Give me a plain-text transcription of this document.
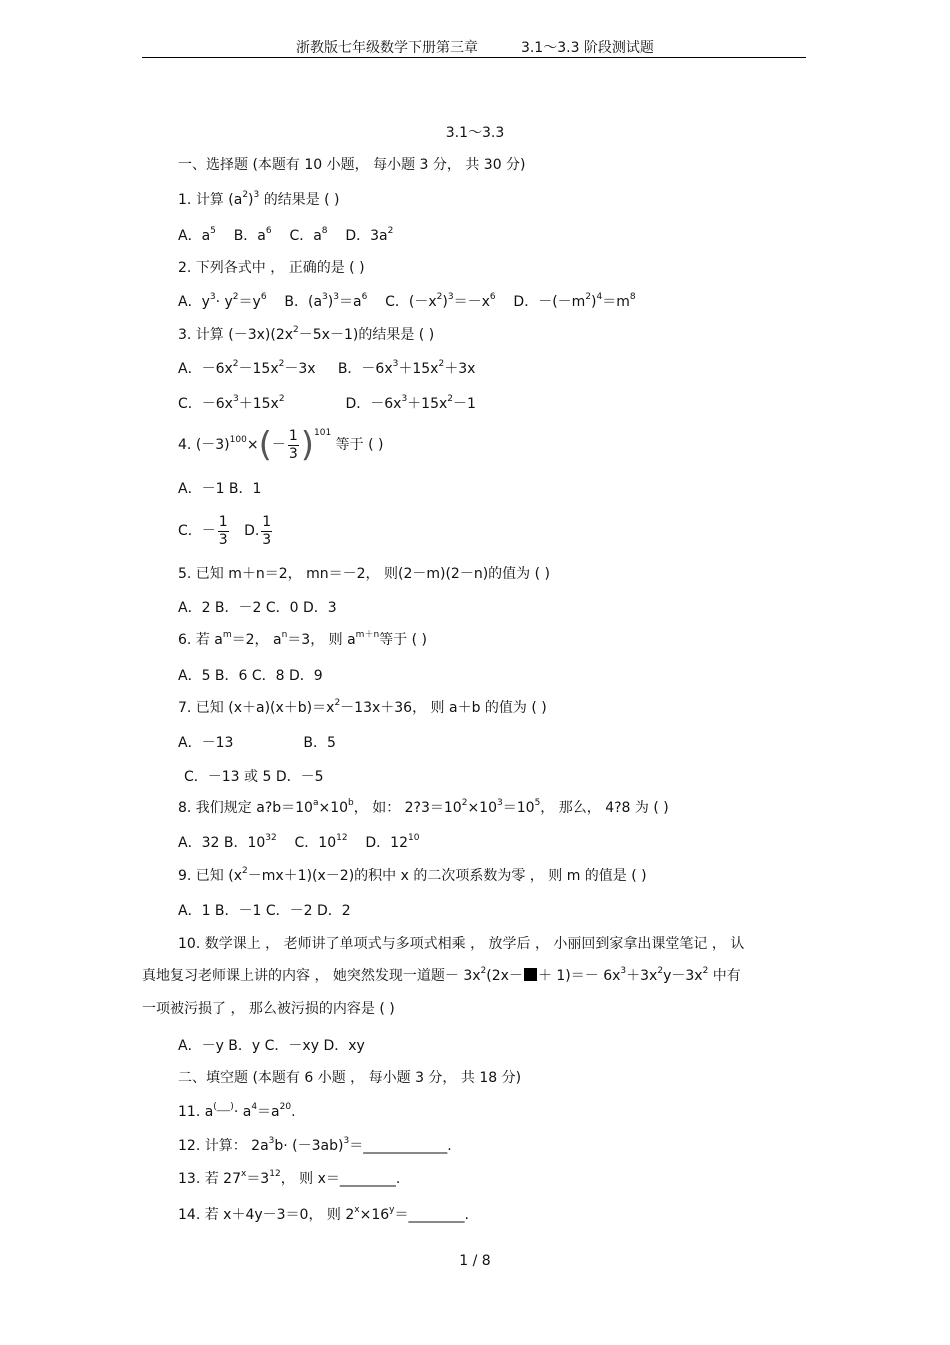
浙教版七年级数学下册第三章	3.1～3.3 阶段测试题
3.1～3.3
一、选择题 (本题有 10 小题， 每小题 3 分， 共 30 分)
1. 计算 $(a^2)^3$ 的结果是 ( )
A．$a^5$ B．$a^6$ C．$a^8$ D．$3a^2$
2. 下列各式中 ， 正确的是 ( )
A．$y^3\cdot y^2=y^6$ B．$(a^3)^3=a^6$ C．$(-x^2)^3=-x^6$ D．$-(-m^2)^4=m^8$
3. 计算 $(-3x)(2x^2-5x-1)$的结果是 ( )
A．$-6x^2-15x^2-3x$ B．$-6x^3+15x^2+3x$
C．$-6x^3+15x^2$	D．$-6x^3+15x^2-1$
4. $(-3)^{100}\times(- \frac{1}{3} )^{101}$ 等于 ( )
A．－1 B．1
C．－ $\frac{1}{3} D$. $\frac{1}{3}$
5. 已知 m＋n＝2， mn＝－2， 则(2－m)(2－n)的值为 ( )
A．2 B．－2 C．0 D．3
6. 若 $a^m=2$， $a^n=3$， 则 $a^{m+n}$等于 ( )
A．5 B．6 C．8 D．9
7. 已知 $(x+a)(x+b)=x^2-13x+36$， 则 a＋b 的值为 ( )
A．－13	B．5
C．－13 或 5 D．－5
8. 我们规定 $a?b=10^a\times 10^b$， 如： $2?3=10^2\times 10^3=10^5$， 那么， 4?8 为 ( )
A．32 B．$10^{32}$ C．$10^{12}$ D．$12^{10}$
9. 已知 $(x^2-mx+1)(x-2)$的积中 x 的二次项系数为零 ， 则 m 的值是 ( )
A．1 B．－1 C．－2 D．2
10. 数学课上 ， 老师讲了单项式与多项式相乘 ， 放学后 ， 小丽回到家拿出课堂笔记 ， 认
真地复习老师课上讲的内容 ， 她突然发现一道题－ $3x^2(2x- + 1)=- 6x^3+3x^2y-3x^2$ 中有
一项被污损了 ， 那么被污损的内容是 ( )
A．－y B．y C．－xy D．xy
二、填空题 (本题有 6 小题 ， 每小题 3 分， 共 18 分)
11. $a^{(\_\_\_)}\cdot a^4=a^{20}$.
12. 计算： $2a^3b\cdot$ $(-3ab)^3=\_\_\_\_\_\_\_\_\_\_\_\_$.
13. 若 $27^x=3^{12}$， 则 x＝________.
14. 若 x＋4y－3＝0， 则 $2^x\times 16^y=\_\_\_\_\_\_\_\_$.
1 / 8
